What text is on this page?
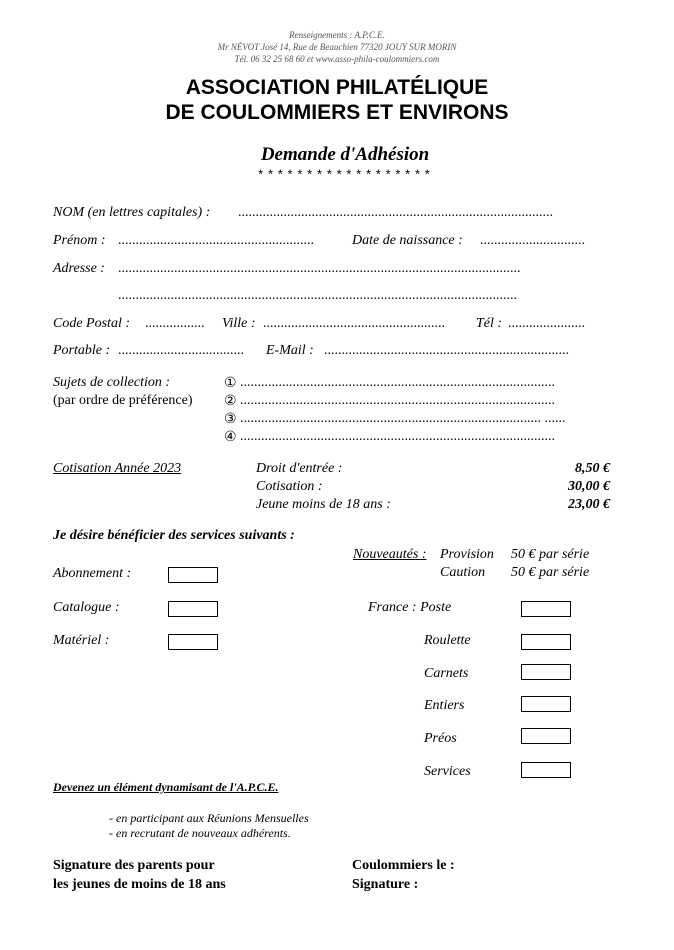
Renseignements : A.P.C.E.
Mr NÉVOT José 14, Rue de Beauchien 77320 JOUY SUR MORIN
Tél. 06 32 25 68 60 et www.asso-phila-coulommiers.com
ASSOCIATION PHILATÉLIQUE
DE COULOMMIERS ET ENVIRONS
Demande d'Adhésion
******************
NOM (en lettres capitales) : ..........................................................................................
Prénom : ........................................................	Date de naissance : ..............................
Adresse : ...................................................................................................................
..................................................................................................................
Code Postal : ................. Ville : .................................................... Tél : ......................
Portable : .................................... E-Mail : ......................................................................
Sujets de collection :
(par ordre de préférence)
① ..........................................................................................
② ..........................................................................................
③ ...................................................................................... ......
④ ..........................................................................................
Cotisation Année 2023	Droit d'entrée :	8,50 €
Cotisation :	30,00 €
Jeune moins de 18 ans :	23,00 €
Je désire bénéficier des services suivants :
Nouveautés : Provision 50 € par série
Caution 50 € par série
Abonnement :
Catalogue :
Matériel :
France : Poste
Roulette
Carnets
Entiers
Préos
Services
Devenez un élément dynamisant de l'A.P.C.E.
- en participant aux Réunions Mensuelles
- en recrutant de nouveaux adhérents.
Signature des parents pour
les jeunes de moins de 18 ans
Coulommiers le :
Signature :
